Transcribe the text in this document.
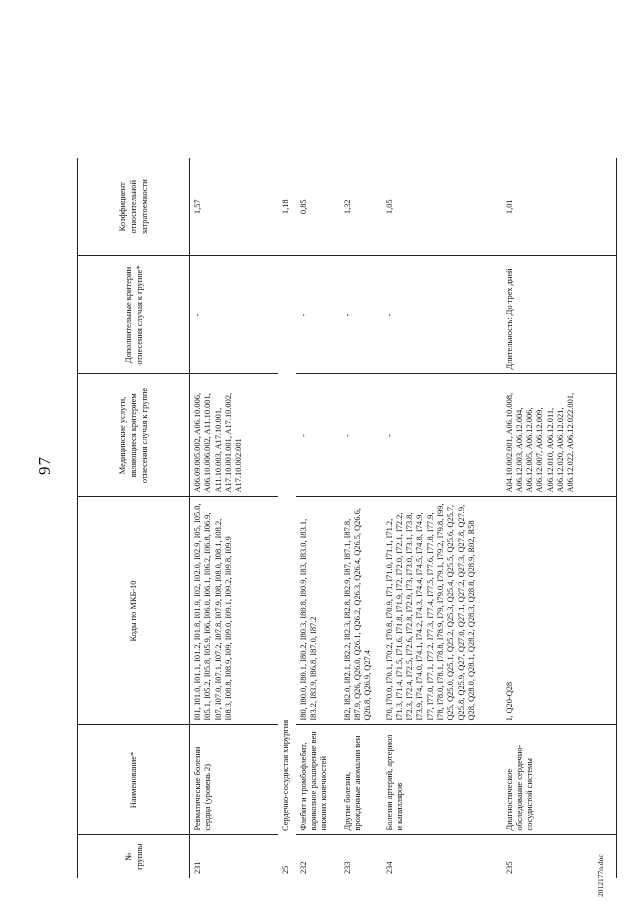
97
№ группы	Наименование*	Коды по МКБ-10	Медицинские услуги, являющиеся критерием отнесения случая к группе	Дополнительные критерии отнесения случая к группе*	Коэффициент относительной затратоемкости
231	Ревматические болезни сердца (уровень 2)	I01, I01.0, I01.1, I01.2, I01.8, I01.9, I02, I02.0, I02.9, I05, I05.0, I05.1, I05.2, I05.8, I05.9, I06, I06.0, I06.1, I06.2, I06.8, I06.9, I07, I07.0, I07.1, I07.2, I07.8, I07.9, I08, I08.0, I08.1, I08.2, I08.3, I08.8, I08.9, I09, I09.0, I09.1, I09.2, I09.8, I09.9	A06.09.005.002, A06.10.006, A06.10.006.002, A11.10.001, A11.10.003, A17.10.001, A17.10.001.001, A17.10.002, A17.10.002.001	-	1,57
25	Сердечно-сосудистая хирургия				1,18
232	Флебит и тромбофлебит, варикозное расширение вен нижних конечностей	I80, I80.0, I80.1, I80.2, I80.3, I80.8, I80.9, I83, I83.0, I83.1, I83.2, I83.9, I86.8, I87.0, I87.2	-	-	0,85
233	Другие болезни, врожденные аномалии вен	I82, I82.0, I82.1, I82.2, I82.3, I82.8, I82.9, I87, I87.1, I87.8, I87.9, Q26, Q26.0, Q26.1, Q26.2, Q26.3, Q26.4, Q26.5, Q26.6, Q26.8, Q26.9, Q27.4	-	-	1,32
234	Болезни артерий, артериол и капилляров	I70, I70.0, I70.1, I70.2, I70.8, I70.9, I71, I71.0, I71.1, I71.2, I71.3, I71.4, I71.5, I71.6, I71.8, I71.9, I72, I72.0, I72.1, I72.2, I72.3, I72.4, I72.5, I72.6, I72.8, I72.9, I73, I73.0, I73.1, I73.8, I73.9, I74, I74.0, I74.1, I74.2, I74.3, I74.4, I74.5, I74.8, I74.9, I77, I77.0, I77.1, I77.2, I77.3, I77.4, I77.5, I77.6, I77.8, I77.9, I78, I78.0, I78.1, I78.8, I78.9, I79, I79.0, I79.1, I79.2, I79.8, I99, Q25, Q25.0, Q25.1, Q25.2, Q25.3, Q25.4, Q25.5, Q25.6, Q25.7, Q25.8, Q25.9, Q27, Q27.0, Q27.1, Q27.2, Q27.3, Q27.8, Q27.9, Q28, Q28.0, Q28.1, Q28.2, Q28.3, Q28.8, Q28.9, R02, R58	-	-	1,05
235	Диагностическое обследование сердечно-сосудистой системы	I, Q20-Q28	A04.10.002.001, A06.10.008, A06.12.003, A06.12.004, A06.12.005, A06.12.006, A06.12.007, A06.12.009, A06.12.010, A06.12.011, A06.12.020, A06.12.021, A06.12.022, A06.12.022.001,	Длительность: До трех дней	1,01
2012177o.doc
